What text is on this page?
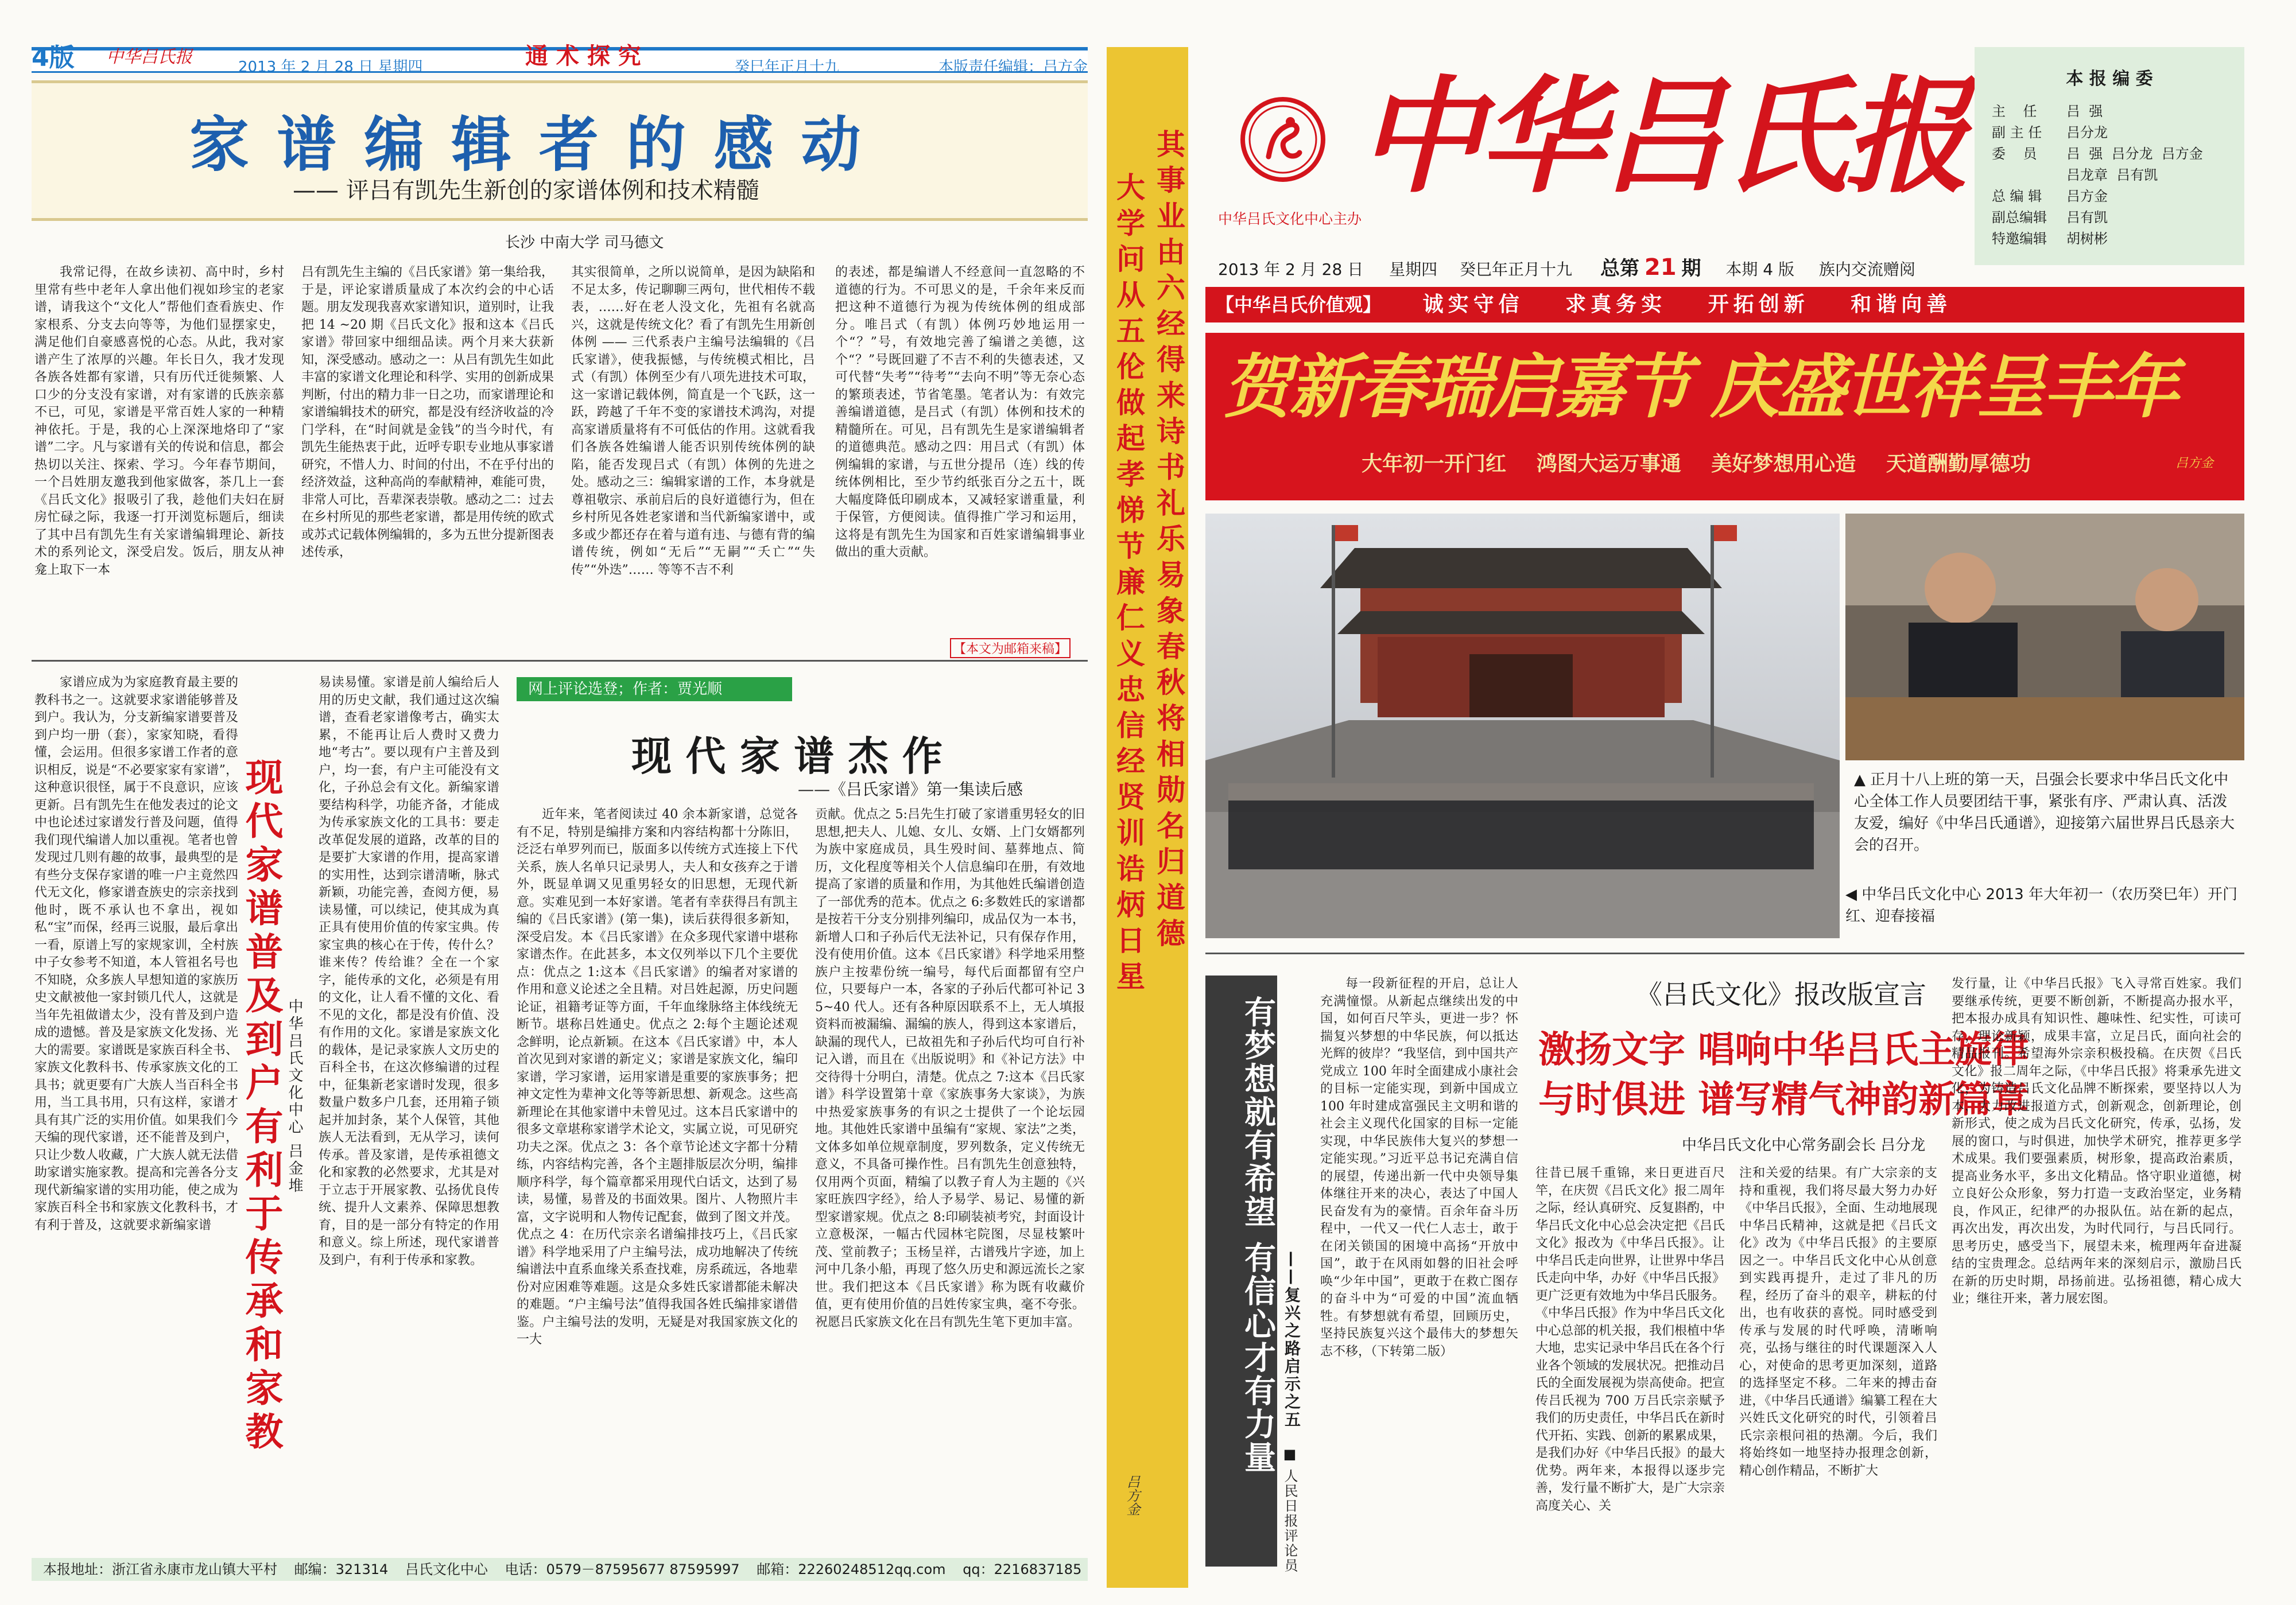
4版 中华吕氏报	2013 年 2 月 28 日 星期四	通 术 探 究	癸巳年正月十九	本版责任编辑：吕方金
家 谱 编 辑 者 的 感 动
—— 评吕有凯先生新创的家谱体例和技术精髓
长沙 中南大学 司马德文
我常记得，在故乡读初、高中时，乡村里常有些中老年人拿出他们视如珍宝的老家谱，请我这个“文化人”帮他们查看族史、作家根系、分支去向等等，为他们显摆家史，满足他们自豪感喜悦的心态。从此，我对家谱产生了浓厚的兴趣。年长日久，我才发现各族各姓都有家谱，只有历代迁徙频繁、人口少的分支没有家谱，对有家谱的氏族亲慕不已，可见，家谱是平常百姓人家的一种精神依托。于是，我的心上深深地烙印了“家谱”二字。凡与家谱有关的传说和信息，都会热切以关注、探索、学习。今年春节期间，一个吕姓朋友邀我到他家做客，茶几上一套《吕氏文化》报吸引了我，趁他们夫妇在厨房忙碌之际，我逐一打开浏览标题后，细读了其中吕有凯先生有关家谱编辑理论、新技术的系列论文，深受启发。饭后，朋友从神龛上取下一本
吕有凯先生主编的《吕氏家谱》第一集给我，于是，评论家谱质量成了本次约会的中心话题。朋友发现我喜欢家谱知识，道别时，让我把 14 ~20 期《吕氏文化》报和这本《吕氏家谱》带回家中细细品读。两个月来大获新知，深受感动。感动之一：从吕有凯先生如此丰富的家谱文化理论和科学、实用的创新成果判断，付出的精力非一日之功，而家谱理论和家谱编辑技术的研究，都是没有经济收益的冷门学科，在“时间就是金钱”的当今时代，有凯先生能热衷于此，近呼专职专业地从事家谱研究，不惜人力、时间的付出，不在乎付出的经济效益，这种高尚的奉献精神，难能可贵，非常人可比，吾辈深表崇敬。感动之二：过去在乡村所见的那些老家谱，都是用传统的欧式或苏式记载体例编辑的，多为五世分提新图表述传承，
其实很简单，之所以说简单，是因为缺陷和不足太多，传记聊聊三两句，世代相传不载表，……好在老人没文化，先祖有名就高兴，这就是传统文化？看了有凯先生用新创体例 —— 三代系表户主编号法编辑的《吕氏家谱》，使我振憾，与传统模式相比，吕式（有凯）体例至少有八项先进技术可取，这一家谱记载体例，简直是一个飞跃，这一跃，跨越了千年不变的家谱技术鸿沟，对提高家谱质量将有不可低估的作用。这就看我们各族各姓编谱人能否识别传统体例的缺陷，能否发现吕式（有凯）体例的先进之处。感动之三：编辑家谱的工作，本身就是尊祖敬宗、承前启后的良好道德行为，但在乡村所见各姓老家谱和当代新编家谱中，或多或少都还存在着与道有违、与德有背的编谱传统，例如“无后”“无嗣”“夭亡”“失传”“外迭”…… 等等不吉不利
的表述，都是编谱人不经意间一直忽略的不道德的行为。不可思义的是，千余年来反而把这种不道德行为视为传统体例的组成部分。唯吕式（有凯）体例巧妙地运用一个“？”号，有效地完善了编谱之美德，这个“？”号既回避了不吉不利的失德表述，又可代替“失考”“待考”“去向不明”等无奈心态的繁琐表述，节省笔墨。笔者认为：有效完善编谱道德，是吕式（有凯）体例和技术的精髓所在。可见，吕有凯先生是家谱编辑者的道德典范。感动之四：用吕式（有凯）体例编辑的家谱，与五世分提吊（连）线的传统体例相比，至少节约纸张百分之五十，既大幅度降低印刷成本，又减轻家谱重量，利于保管，方便阅读。值得推广学习和运用，这将是有凯先生为国家和百姓家谱编辑事业做出的重大贡献。
【本文为邮箱来稿】
家谱应成为为家庭教育最主要的教科书之一。这就要求家谱能够普及到户。我认为，分支新编家谱要普及到户均一册（套），家家知晓，看得懂，会运用。但很多家谱工作者的意识相反，说是“不必要家家有家谱”，这种意识很怪，属于不良意识，应该更新。吕有凯先生在他发表过的论文中也论述过家谱发行普及问题，值得我们现代编谱人加以重视。笔者也曾发现过几则有趣的故事，最典型的是有些分支保存家谱的唯一户主竟然四代无文化，修家谱查族史的宗亲找到他时，既不承认也不拿出，视如私“宝”而保，经再三说服，最后拿出一看，原谱上写的家规家训，全村族中子女参考不知道，本人管祖名号也不知晓，众多族人早想知道的家族历史文献被他一家封锁几代人，这就是当年先祖做谱太少，没有普及到户造成的遗憾。普及是家族文化发扬、光大的需要。家谱既是家族百科全书、家族文化教科书、传承家族文化的工具书；就更要有广大族人当百科全书用，当工具书用，只有这样，家谱才具有其广泛的实用价值。如果我们今天编的现代家谱，还不能普及到户，只让少数人收藏，广大族人就无法借助家谱实施家教。提高和完善各分支现代新编家谱的实用功能，使之成为家族百科全书和家族文化教科书，才有利于普及，这就要求新编家谱 现代家谱普及到户有利于传承和家教 中华吕氏文化中心 吕金堆
易读易懂。家谱是前人编给后人用的历史文献，我们通过这次编谱，查看老家谱像考古，确实太累，不能再让后人费时又费力地“考古”。要以现有户主普及到户，均一套，有户主可能没有文化，子孙总会有文化。新编家谱要结构科学，功能齐备，才能成为传承家族文化的工具书：要走改革促发展的道路，改革的目的是要扩大家谱的作用，提高家谱的实用性，达到宗谱清晰，脉式新颖，功能完善，查阅方便，易读易懂，可以续记，使其成为真正具有使用价值的传家宝典。传家宝典的核心在于传，传什么？谁来传？传给谁？全在一个家字，能传承的文化，必须是有用的文化，让人看不懂的文化、看不见的文化，都是没有价值、没有作用的文化。家谱是家族文化的载体，是记录家族人文历史的百科全书，在这次修编谱的过程中，征集新老家谱时发现，很多数量户数多户几套，还用箱子锁起并加封条，某个人保管，其他族人无法看到，无从学习，读何传承。普及家谱，是传承祖德文化和家教的必然要求，尤其是对于立志于开展家教、弘扬优良传统、提升人文素养、保障思想教育，目的是一部分有特定的作用和意义。综上所述，现代家谱普及到户，有利于传承和家教。
网上评论选登；作者：贾光顺
现 代 家 谱 杰 作
——《吕氏家谱》第一集读后感
近年来，笔者阅读过 40 余本新家谱，总觉各有不足，特别是编排方案和内容结构都十分陈旧，泛泛右单罗列而已，版面多以传统方式连接上下代关系，族人名单只记录男人，夫人和女孩弃之于谱外，既显单调又见重男轻女的旧思想，无现代新意。实难见到一本好家谱。笔者有幸获得吕有凯主编的《吕氏家谱》(第一集)，读后获得很多新知，深受启发。本《吕氏家谱》在众多现代家谱中堪称家谱杰作。在此甚多，本文仅列举以下几个主要优点：优点之 1:这本《吕氏家谱》的编者对家谱的作用和意义论述之全且精。对吕姓起源，历史问题论证，祖籍考证等方面，千年血缘脉络主体线统无断节。堪称吕姓通史。优点之 2:每个主题论述观念鲜明，论点新颖。在这本《吕氏家谱》中，本人首次见到对家谱的新定义；家谱是家族文化，编印家谱，学习家谱，运用家谱是重要的家族事务；把神文定性为辈神文化等等新思想、新观念。这些高新理论在其他家谱中未曾见过。这本吕氏家谱中的很多文章堪称家谱学术论文，实属立说，可见研究功夫之深。优点之 3：各个章节论述文字都十分精练，内容结构完善，各个主题排版层次分明，编排顺序科学，每个篇章都采用现代白话文，达到了易读，易懂，易普及的书面效果。图片、人物照片丰富，文字说明和人物传记配套，做到了图文并茂。优点之 4：在历代宗亲名谱编排技巧上，《吕氏家谱》科学地采用了户主编号法，成功地解决了传统编谱法中直系血缘关系查找难，房系疏远，各地辈份对应困难等难题。这是众多姓氏家谱都能未解决的难题。“户主编号法”值得我国各姓氏编排家谱借鉴。户主编号法的发明，无疑是对我国家族文化的一大
贡献。优点之 5:吕先生打破了家谱重男轻女的旧思想,把夫人、儿媳、女儿、女婿、上门女婿都列为族中家庭成员，具生殁时间、墓葬地点、简历，文化程度等相关个人信息编印在册，有效地提高了家谱的质量和作用，为其他姓氏编谱创造了一部优秀的范本。优点之 6:多数姓氏的家谱都是按若干分支分别排列编印，成品仅为一本书，新增人口和子孙后代无法补记，只有保存作用，没有使用价值。这本《吕氏家谱》科学地采用整族户主按辈份统一编号，每代后面都留有空户位，只要每户一本，各家的子孙后代都可补记 35~40 代人。还有各种原因联系不上，无人填报资料而被漏编、漏编的族人，得到这本家谱后，缺漏的现代人，已故祖先和子孙后代均可自行补记入谱，而且在《出版说明》和《补记方法》中交待得十分明白，清楚。优点之 7:这本《吕氏家谱》科学设置第十章《家族事务大家谈》，为族中热爱家族事务的有识之士提供了一个论坛园地。其他姓氏家谱中虽编有“家规、家法”之类，文体多如单位规章制度，罗列数条，定义传统无意义，不具备可操作性。吕有凯先生创意独特，仅用两个页面，精编了以教子育人为主题的《兴家旺族四字经》，给人予易学、易记、易懂的新型家谱家规。优点之 8:印刷装祯考究，封面设计立意极深，一幅古代园林宅院图，尽显枝繁叶茂、堂前教子；玉杨呈祥，古谱残片字迹，加上河中几条小船，再现了悠久历史和源远流长之家世。我们把这本《吕氏家谱》称为既有收藏价值，更有使用价值的吕姓传家宝典，毫不夸张。祝愿吕氏家族文化在吕有凯先生笔下更加丰富。
本报地址：浙江省永康市龙山镇大平村 邮编：321314 吕氏文化中心 电话：0579－87595677 87595997 邮箱：22260248512qq.com qq：2216837185
其事业由六经得来诗书礼乐易象春秋将相勋名归道德
大学问从五伦做起孝悌节廉仁义忠信经贤训诰炳日星
吕方金
中华吕氏报
中华吕氏文化中心主办
2013 年 2 月 28 日 星期四 癸巳年正月十九 总第 21 期 本期 4 版 族内交流赠阅
本 报 编 委
主    任 吕  强
副 主 任 吕分龙
委    员 吕  强  吕分龙  吕方金
吕龙章  吕有凯
总 编 辑 吕方金
副总编辑 吕有凯
特邀编辑 胡树彬
【中华吕氏价值观】 诚实守信 求真务实 开拓创新 和谐向善
贺新春瑞启嘉节 庆盛世祥呈丰年
大年初一开门红 鸿图大运万事通 美好梦想用心造 天道酬勤厚德功	吕方金
◀ 中华吕氏文化中心 2013 年大年初一（农历癸巳年）开门红、迎春接福
▲ 正月十八上班的第一天，吕强会长要求中华吕氏文化中心全体工作人员要团结干事，紧张有序、严肃认真、活泼友爱，编好《中华吕氏通谱》，迎接第六届世界吕氏恳亲大会的召开。
有梦想就有希望 有信心才有力量 ——复兴之路启示之五
■ 人民日报评论员
每一段新征程的开启，总让人充满憧憬。从新起点继续出发的中国，如何百尺竿头，更进一步？怀揣复兴梦想的中华民族，何以抵达光辉的彼岸？“我坚信，到中国共产党成立 100 年时全面建成小康社会的目标一定能实现，到新中国成立 100 年时建成富强民主文明和谐的社会主义现代化国家的目标一定能实现，中华民族伟大复兴的梦想一定能实现。”习近平总书记充满自信的展望，传递出新一代中央领导集体继往开来的决心，表达了中国人民奋发有为的豪情。百余年奋斗历程中，一代又一代仁人志士，敢于在闭关锁国的困境中高扬“开放中国”，敢于在风雨如磐的旧社会呼唤“少年中国”，更敢于在救亡图存的奋斗中为“可爱的中国”流血牺牲。有梦想就有希望，回顾历史，坚持民族复兴这个最伟大的梦想矢志不移，（下转第二版）
《吕氏文化》报改版宣言
激扬文字 唱响中华吕氏主旋律
与时俱进 谱写精气神韵新篇章
中华吕氏文化中心常务副会长 吕分龙
往昔已展千重锦，来日更进百尺竿，在庆贺《吕氏文化》报二周年之际，经认真研究、反复斟酌，中华吕氏文化中心总会决定把《吕氏文化》报改为《中华吕氏报》。让中华吕氏走向世界，让世界中华吕氏走向中华，办好《中华吕氏报》更广泛更有效地为中华吕氏服务。《中华吕氏报》作为中华吕氏文化中心总部的机关报，我们根植中华大地，忠实记录中华吕氏在各个行业各个领域的发展状况。把推动吕氏的全面发展视为崇高使命。把宣传吕氏视为 700 万吕氏宗亲赋予我们的历史责任，中华吕氏在新时代开拓、实践、创新的累累成果，是我们办好《中华吕氏报》的最大优势。两年来，本报得以逐步完善，发行量不断扩大，是广大宗亲高度关心、关
注和关爱的结果。有广大宗亲的支持和重视，我们将尽最大努力办好《中华吕氏报》，全面、生动地展现中华吕氏精神，这就是把《吕氏文化》改为《中华吕氏报》的主要原因之一。中华吕氏文化中心从创意到实践再提升，走过了非凡的历程，经历了奋斗的艰辛，耕耘的付出，也有收获的喜悦。同时感受到传承与发展的时代呼唤，清晰响亮，弘扬与继往的时代课题深入人心，对使命的思考更加深刻，道路的选择坚定不移。二年来的搏击奋进，《中华吕氏通谱》编纂工程在大兴姓氏文化研究的时代，引领着吕氏宗亲根问祖的热潮。今后，我们将始终如一地坚持办报理念创新，精心创作精品，不断扩大
发行量，让《中华吕氏报》飞入寻常百姓家。我们要继承传统，更要不断创新，不断提高办报水平，把本报办成具有知识性、趣味性、纪实性，可读可存，理论新颖，成果丰富，立足吕氏，面向社会的精品报刊。希望海外宗亲积极投稿。在庆贺《吕氏文化》报二周年之际，《中华吕氏报》将秉承先进文化，为铸造吕氏文化品牌不断探索，要坚持以人为本，大力改进报道方式，创新观念，创新理论，创新形式，使之成为吕氏文化研究，传承，弘扬，发展的窗口，与时俱进，加快学术研究，推荐更多学术成果。我们要强素质，树形象，提高政治素质，提高业务水平，多出文化精品。恪守职业道德，树立良好公众形象，努力打造一支政治坚定，业务精良，作风正，纪律严的办报队伍。站在新的起点，再次出发，再次出发，为时代同行，与吕氏同行。思考历史，感受当下，展望未来，梳理两年奋进凝结的宝贵理念。总结两年来的深刻启示，激励吕氏在新的历史时期，昂扬前进。弘扬祖德，精心成大业；继往开来，著力展宏图。
